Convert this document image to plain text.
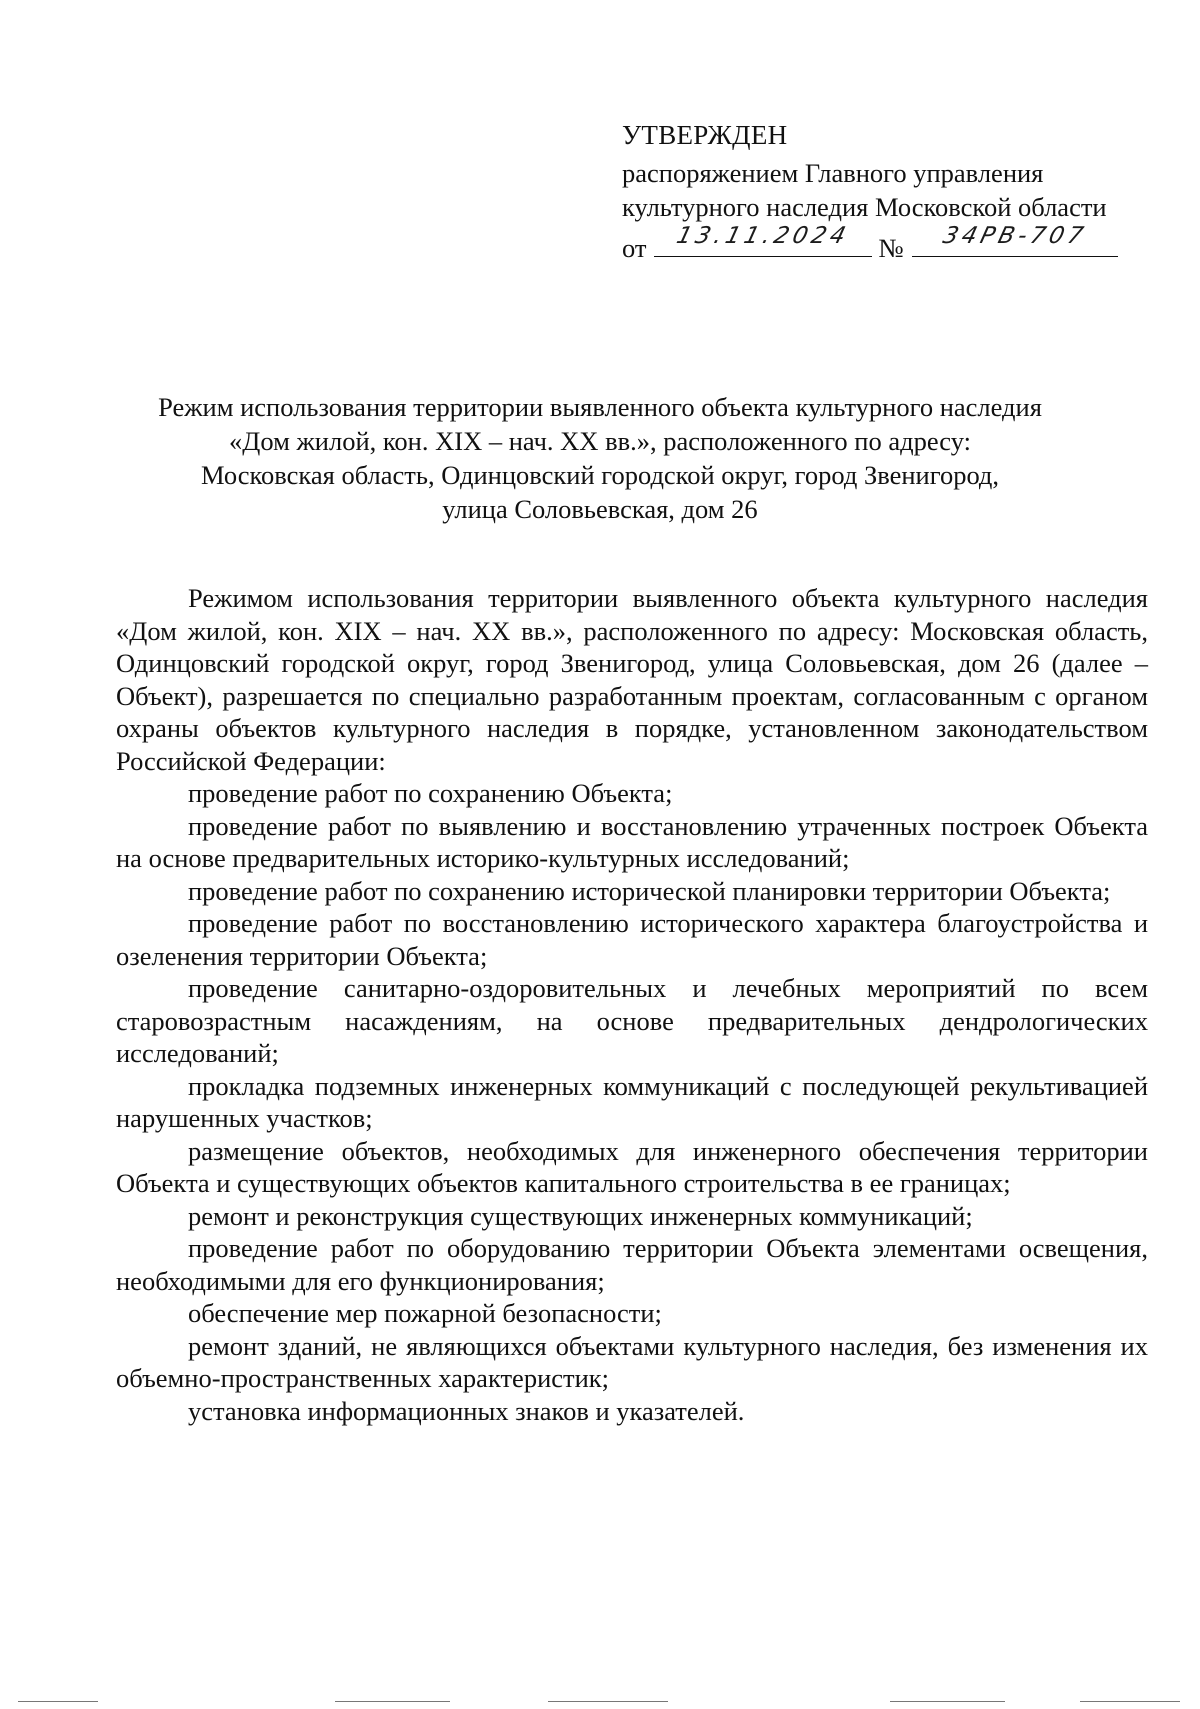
УТВЕРЖДЕН
распоряжением Главного управления
культурного наследия Московской области
от	13.11.2024 №	34РВ-707
Режим использования территории выявленного объекта культурного наследия
«Дом жилой, кон. XIX – нач. XX вв.», расположенного по адресу:
Московская область, Одинцовский городской округ, город Звенигород,
улица Соловьевская, дом 26

Режимом использования территории выявленного объекта культурного наследия «Дом жилой, кон. XIX – нач. XX вв.», расположенного по адресу: Московская область, Одинцовский городской округ, город Звенигород, улица Соловьевская, дом 26 (далее – Объект), разрешается по специально разработанным проектам, согласованным с органом охраны объектов культурного наследия в порядке, установленном законодательством Российской Федерации:

проведение работ по сохранению Объекта;

проведение работ по выявлению и восстановлению утраченных построек Объекта на основе предварительных историко-культурных исследований;

проведение работ по сохранению исторической планировки территории Объекта;

проведение работ по восстановлению исторического характера благоустройства и озеленения территории Объекта;

проведение санитарно-оздоровительных и лечебных мероприятий по всем старовозрастным насаждениям, на основе предварительных дендрологических исследований;

прокладка подземных инженерных коммуникаций с последующей рекультивацией нарушенных участков;

размещение объектов, необходимых для инженерного обеспечения территории Объекта и существующих объектов капитального строительства в ее границах;

ремонт и реконструкция существующих инженерных коммуникаций;

проведение работ по оборудованию территории Объекта элементами освещения, необходимыми для его функционирования;

обеспечение мер пожарной безопасности;

ремонт зданий, не являющихся объектами культурного наследия, без изменения их объемно-пространственных характеристик;

установка информационных знаков и указателей.
